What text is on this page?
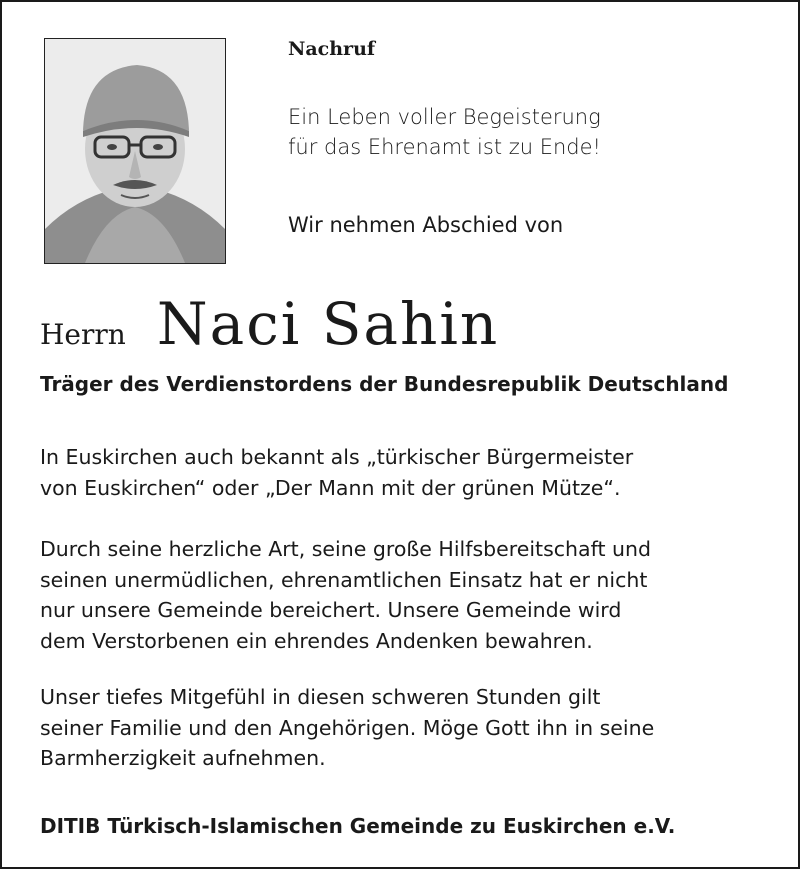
Nachruf
Ein Leben voller Begeisterung
für das Ehrenamt ist zu Ende!
Wir nehmen Abschied von
Herrn Naci Sahin
Träger des Verdienstordens der Bundesrepublik Deutschland
In Euskirchen auch bekannt als „türkischer Bürgermeister
von Euskirchen“ oder „Der Mann mit der grünen Mütze“.
Durch seine herzliche Art, seine große Hilfsbereitschaft und
seinen unermüdlichen, ehrenamtlichen Einsatz hat er nicht
nur unsere Gemeinde bereichert. Unsere Gemeinde wird
dem Verstorbenen ein ehrendes Andenken bewahren.
Unser tiefes Mitgefühl in diesen schweren Stunden gilt
seiner Familie und den Angehörigen. Möge Gott ihn in seine
Barmherzigkeit aufnehmen.
DITIB Türkisch-Islamischen Gemeinde zu Euskirchen e.V.
